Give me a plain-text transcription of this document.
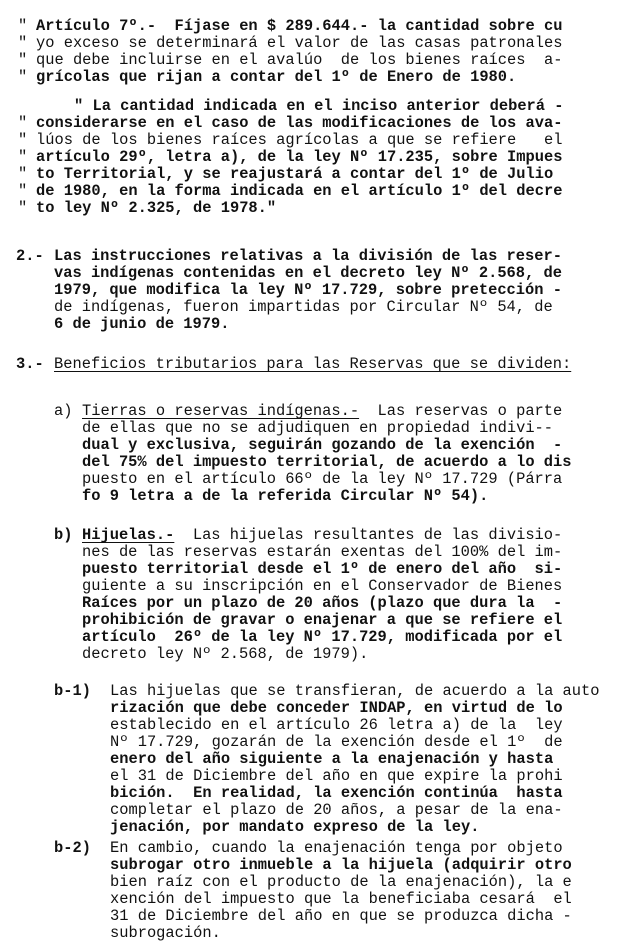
"
"
"
"
Artículo 7º.-  Fíjase en $ 289.644.- la cantidad sobre cu
yo exceso se determinará el valor de las casas patronales
que debe incluirse en el avalúo  de los bienes raíces  a-
grícolas que rijan a contar del 1º de Enero de 1980.
" La cantidad indicada en el inciso anterior deberá -
"
"
"
"
"
"
considerarse en el caso de las modificaciones de los ava-
lúos de los bienes raíces agrícolas a que se refiere   el
artículo 29º, letra a), de la ley Nº 17.235, sobre Impues
to Territorial, y se reajustará a contar del 1º de Julio
de 1980, en la forma indicada en el artículo 1º del decre
to ley Nº 2.325, de 1978."
2.- Las instrucciones relativas a la división de las reser-
vas indígenas contenidas en el decreto ley Nº 2.568, de
1979, que modifica la ley Nº 17.729, sobre pretección -
de indígenas, fueron impartidas por Circular Nº 54, de
6 de junio de 1979.
3.- Beneficios tributarios para las Reservas que se dividen:
a) Tierras o reservas indígenas.-  Las reservas o parte
de ellas que no se adjudiquen en propiedad indivi--
dual y exclusiva, seguirán gozando de la exención  -
del 75% del impuesto territorial, de acuerdo a lo dis
puesto en el artículo 66º de la ley Nº 17.729 (Párra
fo 9 letra a de la referida Circular Nº 54).
b) Hijuelas.-  Las hijuelas resultantes de las divisio-
nes de las reservas estarán exentas del 100% del im-
puesto territorial desde el 1º de enero del año  si-
guiente a su inscripción en el Conservador de Bienes
Raíces por un plazo de 20 años (plazo que dura la  -
prohibición de gravar o enajenar a que se refiere el
artículo  26º de la ley Nº 17.729, modificada por el
decreto ley Nº 2.568, de 1979).
b-1) Las hijuelas que se transfieran, de acuerdo a la auto
rización que debe conceder INDAP, en virtud de lo
establecido en el artículo 26 letra a) de la  ley
Nº 17.729, gozarán de la exención desde el 1º  de
enero del año siguiente a la enajenación y hasta
el 31 de Diciembre del año en que expire la prohi
bición.  En realidad, la exención continúa  hasta
completar el plazo de 20 años, a pesar de la ena-
jenación, por mandato expreso de la ley.
b-2) En cambio, cuando la enajenación tenga por objeto
subrogar otro inmueble a la hijuela (adquirir otro
bien raíz con el producto de la enajenación), la e
xención del impuesto que la beneficiaba cesará  el
31 de Diciembre del año en que se produzca dicha -
subrogación.
